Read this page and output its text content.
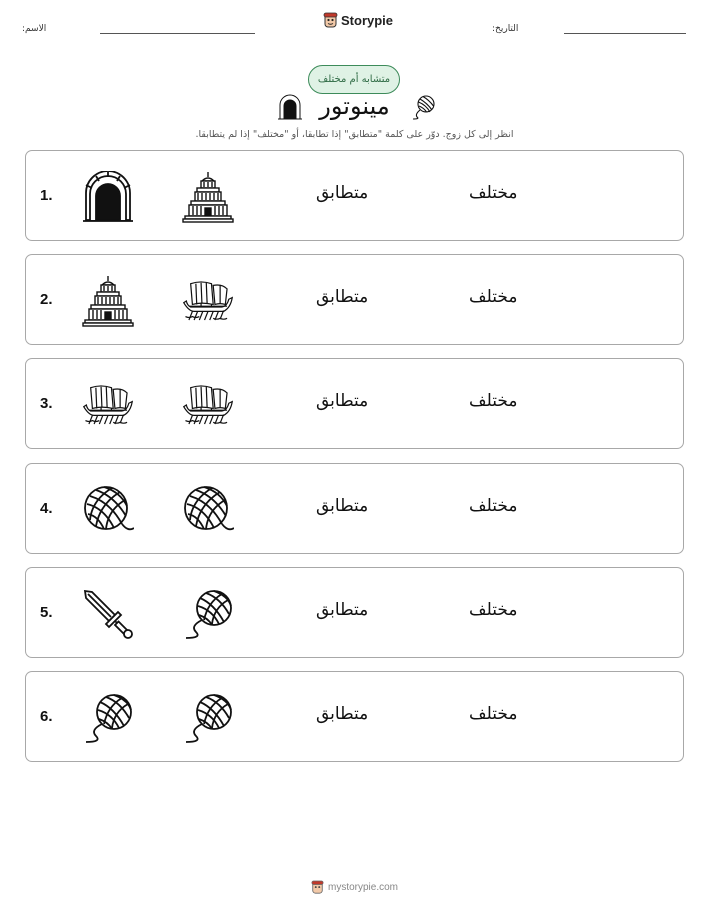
الاسم:
Storypie
التاريخ:
متشابه أم مختلف
مينوتور
انظر إلى كل زوج. دوّر على كلمة "متطابق" إذا تطابقا، أو "مختلف" إذا لم يتطابقا.
1.	متطابق	مختلف
2.	متطابق	مختلف
3.	متطابق	مختلف
4.	متطابق	مختلف
5.	متطابق	مختلف
6.	متطابق	مختلف
mystorypie.com
